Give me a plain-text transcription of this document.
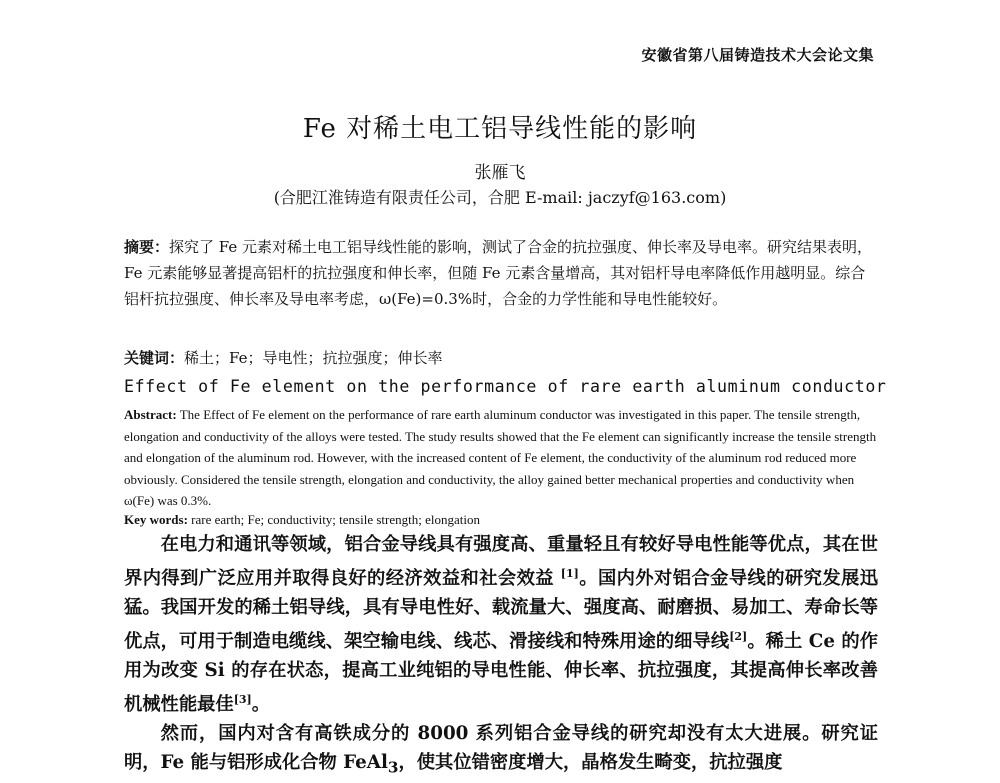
安徽省第八届铸造技术大会论文集
Fe 对稀土电工铝导线性能的影响
张雁飞
(合肥江淮铸造有限责任公司，合肥 E-mail: jaczyf@163.com)
摘要：探究了 Fe 元素对稀土电工铝导线性能的影响，测试了合金的抗拉强度、伸长率及导电率。研究结果表明，Fe 元素能够显著提高铝杆的抗拉强度和伸长率，但随 Fe 元素含量增高，其对铝杆导电率降低作用越明显。综合铝杆抗拉强度、伸长率及导电率考虑，ω(Fe)=0.3%时，合金的力学性能和导电性能较好。
关键词：稀土；Fe；导电性；抗拉强度；伸长率
Effect of Fe element on the performance of rare earth aluminum conductor
Abstract: The Effect of Fe element on the performance of rare earth aluminum conductor was investigated in this paper. The tensile strength, elongation and conductivity of the alloys were tested. The study results showed that the Fe element can significantly increase the tensile strength and elongation of the aluminum rod. However, with the increased content of Fe element, the conductivity of the aluminum rod reduced more obviously. Considered the tensile strength, elongation and conductivity, the alloy gained better mechanical properties and conductivity when ω(Fe) was 0.3%.
Key words: rare earth; Fe; conductivity; tensile strength; elongation

在电力和通讯等领域，铝合金导线具有强度高、重量轻且有较好导电性能等优点，其在世界内得到广泛应用并取得良好的经济效益和社会效益 [1]。国内外对铝合金导线的研究发展迅猛。我国开发的稀土铝导线，具有导电性好、载流量大、强度高、耐磨损、易加工、寿命长等优点，可用于制造电缆线、架空输电线、线芯、滑接线和特殊用途的细导线[2]。稀土 Ce 的作用为改变 Si 的存在状态，提高工业纯铝的导电性能、伸长率、抗拉强度，其提高伸长率改善机械性能最佳[3]。

然而，国内对含有高铁成分的 8000 系列铝合金导线的研究却没有太大进展。研究证明，Fe 能与铝形成化合物 FeAl$_3$，使其位错密度增大，晶格发生畸变，抗拉强度
